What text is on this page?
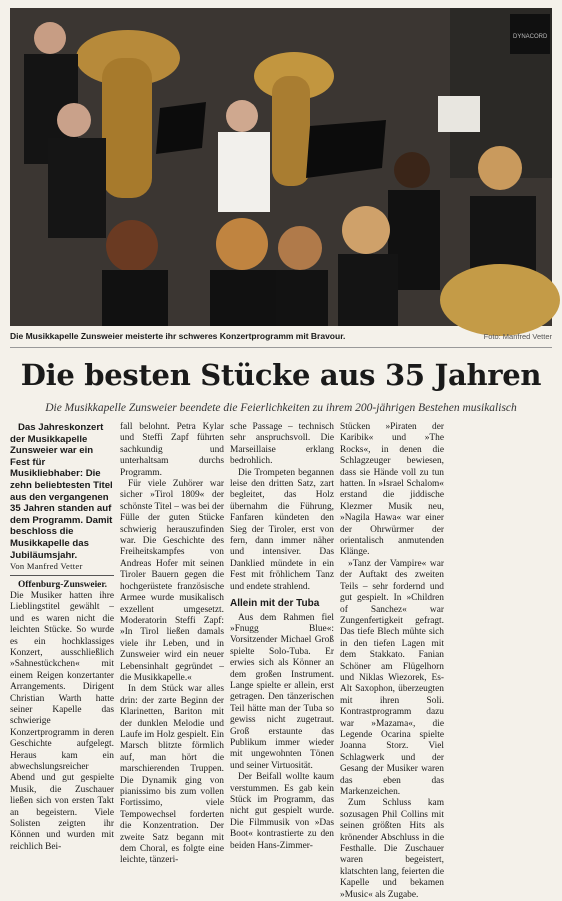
DYNACORD
Die Musikkapelle Zunsweier meisterte ihr schweres Konzertprogramm mit Bravour.	Foto: Manfred Vetter
Die besten Stücke aus 35 Jahren

Die Musikkapelle Zunsweier beendete die Feierlichkeiten zu ihrem 200-jährigen Bestehen musikalisch

Das Jahreskonzert der Musikkapelle Zunsweier war ein Fest für Musikliebhaber: Die zehn beliebtesten Titel aus den vergangenen 35 Jahren standen auf dem Programm. Damit beschloss die Musikkapelle das Jubiläumsjahr.

Von Manfred Vetter

Offenburg-Zunsweier. Die Musiker hatten ihre Lieblingstitel gewählt – und es waren nicht die leichten Stücke. So wurde es ein hochklassiges Konzert, ausschließlich »Sahnestückchen« mit einem Reigen konzertanter Arrangements. Dirigent Christian Warth hatte seiner Kapelle das schwierige Konzertprogramm in deren Geschichte aufgelegt. Heraus kam ein abwechslungsreicher Abend und gut gespielte Musik, die Zuschauer ließen sich von ersten Takt an begeistern. Viele Solisten zeigten ihr Können und wurden mit reichlich Bei-

fall belohnt. Petra Kylar und Steffi Zapf führten sachkundig und unterhaltsam durchs Programm.

Für viele Zuhörer war sicher »Tirol 1809« der schönste Titel – was bei der Fülle der guten Stücke schwierig herauszufinden war. Die Geschichte des Freiheitskampfes von Andreas Hofer mit seinen Tiroler Bauern gegen die hochgerüstete französische Armee wurde musikalisch exzellent umgesetzt. Moderatorin Steffi Zapf: »In Tirol ließen damals viele ihr Leben, und in Zunsweier wird ein neuer Lebensinhalt gegründet – die Musikkapelle.«

In dem Stück war alles drin: der zarte Beginn der Klarinetten, Bariton mit der dunklen Melodie und Laufe im Holz gespielt. Ein Marsch blitzte förmlich auf, man hört die marschierenden Truppen. Die Dynamik ging von pianissimo bis zum vollen Fortissimo, viele Tempowechsel forderten die Konzentration. Der zweite Satz begann mit dem Choral, es folgte eine leichte, tänzeri-

sche Passage – technisch sehr anspruchsvoll. Die Marseillaise erklang bedrohlich.

Die Trompeten begannen leise den dritten Satz, zart begleitet, das Holz übernahm die Führung, Fanfaren kündeten den Sieg der Tiroler, erst von fern, dann immer näher und intensiver. Das Danklied mündete in ein Fest mit fröhlichem Tanz und endete strahlend.

Allein mit der Tuba

Aus dem Rahmen fiel »Fnugg Blue«: Vorsitzender Michael Groß spielte Solo-Tuba. Er erwies sich als Könner an dem großen Instrument. Lange spielte er allein, erst getragen. Den tänzerischen Teil hätte man der Tuba so gewiss nicht zugetraut. Groß erstaunte das Publikum immer wieder mit ungewohnten Tönen und seiner Virtuosität.

Der Beifall wollte kaum verstummen. Es gab kein Stück im Programm, das nicht gut gespielt wurde. Die Filmmusik von »Das Boot« kontrastierte zu den beiden Hans-Zimmer-

Stücken »Piraten der Karibik« und »The Rocks«, in denen die Schlagzeuger bewiesen, dass sie Hände voll zu tun hatten. In »Israel Schalom« erstand die jiddische Klezmer Musik neu, »Nagila Hawa« war einer der Ohrwürmer der orientalisch anmutenden Klänge.

»Tanz der Vampire« war der Auftakt des zweiten Teils – sehr fordernd und gut gespielt. In »Children of Sanchez« war Zungenfertigkeit gefragt. Das tiefe Blech mühte sich in den tiefen Lagen mit dem Stakkato. Fanian Schöner am Flügelhorn und Niklas Wiezorek, Es-Alt Saxophon, überzeugten mit ihren Soli. Kontrastprogramm dazu war »Mazama«, die Legende Ocarina spielte Joanna Storz. Viel Schlagwerk und der Gesang der Musiker waren das eben das Markenzeichen.

Zum Schluss kam sozusagen Phil Collins mit seinen größten Hits als krönender Abschluss in die Festhalle. Die Zuschauer waren begeistert, klatschten lang, feierten die Kapelle und bekamen »Music« als Zugabe.
